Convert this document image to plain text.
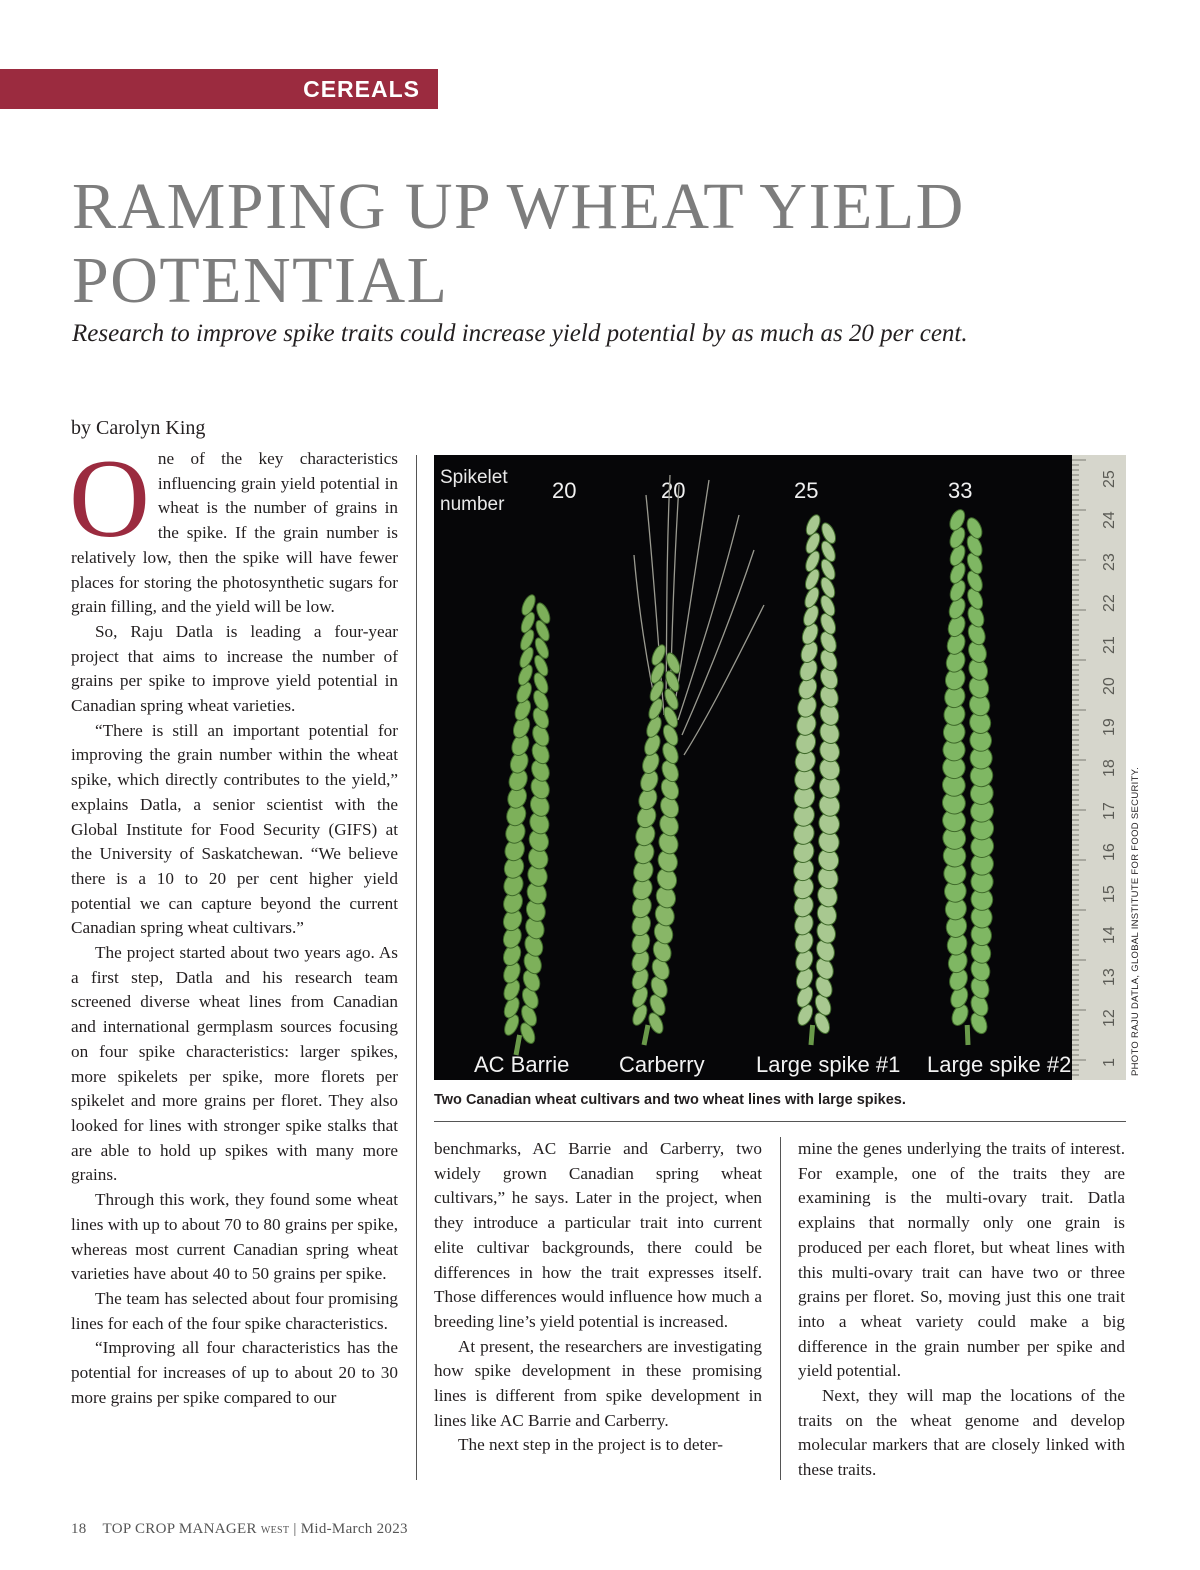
CEREALS
RAMPING UP WHEAT YIELD POTENTIAL

Research to improve spike traits could increase yield potential by as much as 20 per cent.

by Carolyn King

One of the key characteristics influencing grain yield potential in wheat is the number of grains in the spike. If the grain number is relatively low, then the spike will have fewer places for storing the photosynthetic sugars for grain filling, and the yield will be low.

So, Raju Datla is leading a four-year project that aims to increase the number of grains per spike to improve yield potential in Canadian spring wheat varieties.

“There is still an important potential for improving the grain number within the wheat spike, which directly contributes to the yield,” explains Datla, a senior scientist with the Global Institute for Food Security (GIFS) at the University of Saskatchewan. “We believe there is a 10 to 20 per cent higher yield potential we can capture beyond the current Canadian spring wheat cultivars.”

The project started about two years ago. As a first step, Datla and his research team screened diverse wheat lines from Canadian and international germplasm sources focusing on four spike characteristics: larger spikes, more spikelets per spike, more florets per spikelet and more grains per floret. They also looked for lines with stronger spike stalks that are able to hold up spikes with many more grains.

Through this work, they found some wheat lines with up to about 70 to 80 grains per spike, whereas most current Canadian spring wheat varieties have about 40 to 50 grains per spike.

The team has selected about four promising lines for each of the four spike characteristics.

“Improving all four characteristics has the potential for increases of up to about 20 to 30 more grains per spike compared to our

1
12
13
14
15
16
17
18
19
20
21
22
23
24
25
Spikelet
number
20	20	25	33
AC Barrie Carberry Large spike #1 Large spike #2
Two Canadian wheat cultivars and two wheat lines with large spikes.
PHOTO RAJU DATLA, GLOBAL INSTITUTE FOR FOOD SECURITY.

benchmarks, AC Barrie and Carberry, two widely grown Canadian spring wheat cultivars,” he says. Later in the project, when they introduce a particular trait into current elite cultivar backgrounds, there could be differences in how the trait expresses itself. Those differences would influence how much a breeding line’s yield potential is increased.

At present, the researchers are investigating how spike development in these promising lines is different from spike development in lines like AC Barrie and Carberry.

The next step in the project is to deter-

mine the genes underlying the traits of interest. For example, one of the traits they are examining is the multi-ovary trait. Datla explains that normally only one grain is produced per each floret, but wheat lines with this multi-ovary trait can have two or three grains per floret. So, moving just this one trait into a wheat variety could make a big difference in the grain number per spike and yield potential.

Next, they will map the locations of the traits on the wheat genome and develop molecular markers that are closely linked with these traits.

18 TOP CROP MANAGER WEST | Mid-March 2023
